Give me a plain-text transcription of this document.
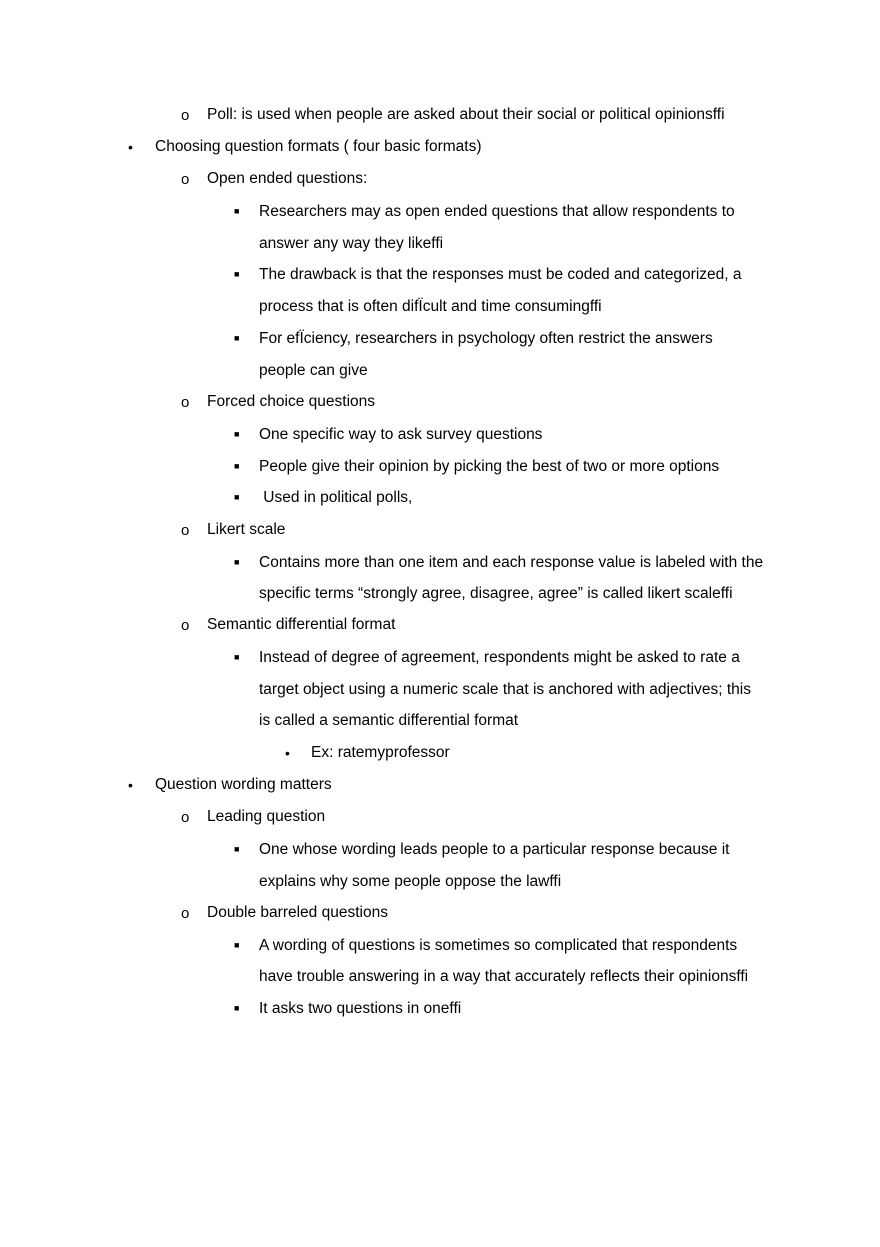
o Poll: is used when people are asked about their social or political opinionsffi
• Choosing question formats ( four basic formats)
o Open ended questions:
■ Researchers may as open ended questions that allow respondents to
answer any way they likeffi
■ The drawback is that the responses must be coded and categorized, a
process that is often difÏcult and time consumingffi
■ For efÏciency, researchers in psychology often restrict the answers
people can give
o Forced choice questions
■ One specific way to ask survey questions
■ People give their opinion by picking the best of two or more options
■ Used in political polls,
o Likert scale
■ Contains more than one item and each response value is labeled with the
specific terms “strongly agree, disagree, agree” is called likert scaleffi
o Semantic differential format
■ Instead of degree of agreement, respondents might be asked to rate a
target object using a numeric scale that is anchored with adjectives; this
is called a semantic differential format
• Ex: ratemyprofessor
• Question wording matters
o Leading question
■ One whose wording leads people to a particular response because it
explains why some people oppose the lawffi
o Double barreled questions
■ A wording of questions is sometimes so complicated that respondents
have trouble answering in a way that accurately reflects their opinionsffi
■ It asks two questions in oneffi
